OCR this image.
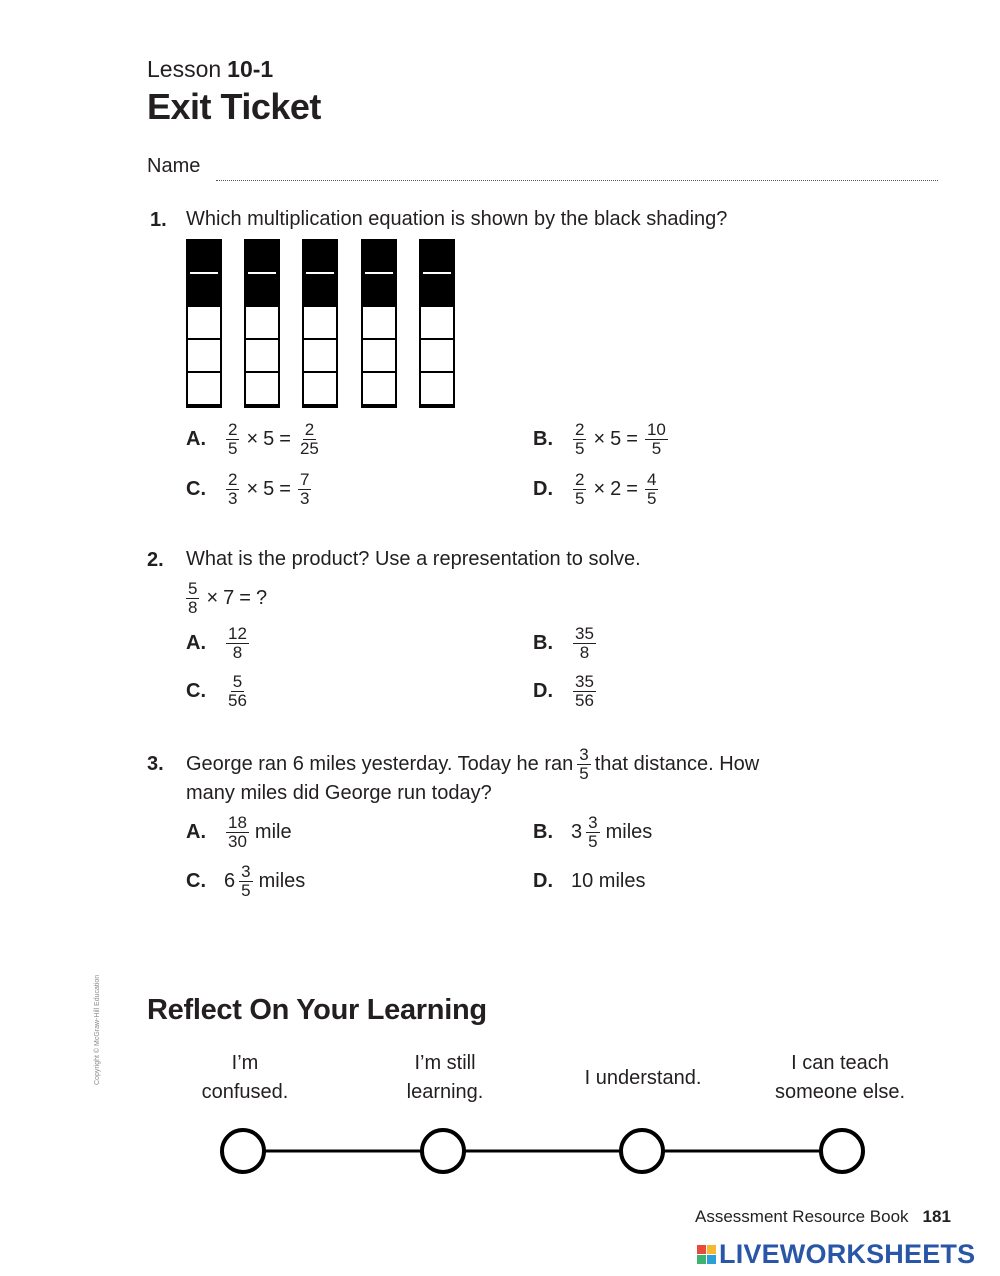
Lesson 10-1
Exit Ticket
Name
1. Which multiplication equation is shown by the black shading?
A.	$\frac{2}{5} \times 5 = \frac{2}{25}$	B.	$\frac{2}{5} \times 5 = \frac{10}{5}$
C.	$\frac{2}{3} \times 5 = \frac{7}{3}$	D.	$\frac{2}{5} \times 2 = \frac{4}{5}$
2. What is the product? Use a representation to solve.
$\frac{5}{8} \times 7$ = ?
A.	$\frac{12}{8}$	B.	$\frac{35}{8}$
C.	$\frac{5}{56}$	D.	$\frac{35}{56}$
3. George ran 6 miles yesterday. Today he ran $\frac{3}{5}$ that distance. How
many miles did George run today?
A.	$\frac{18}{30}$ mile	B. $3 \frac{3}{5}$ miles
C. $6 \frac{3}{5}$ miles	D. 10 miles
Copyright © McGraw-Hill Education Reflect On Your Learning
I’m
confused.
I’m still
learning.
I understand.
I can teach
someone else.
Assessment Resource Book 181
LIVEWORKSHEETS
